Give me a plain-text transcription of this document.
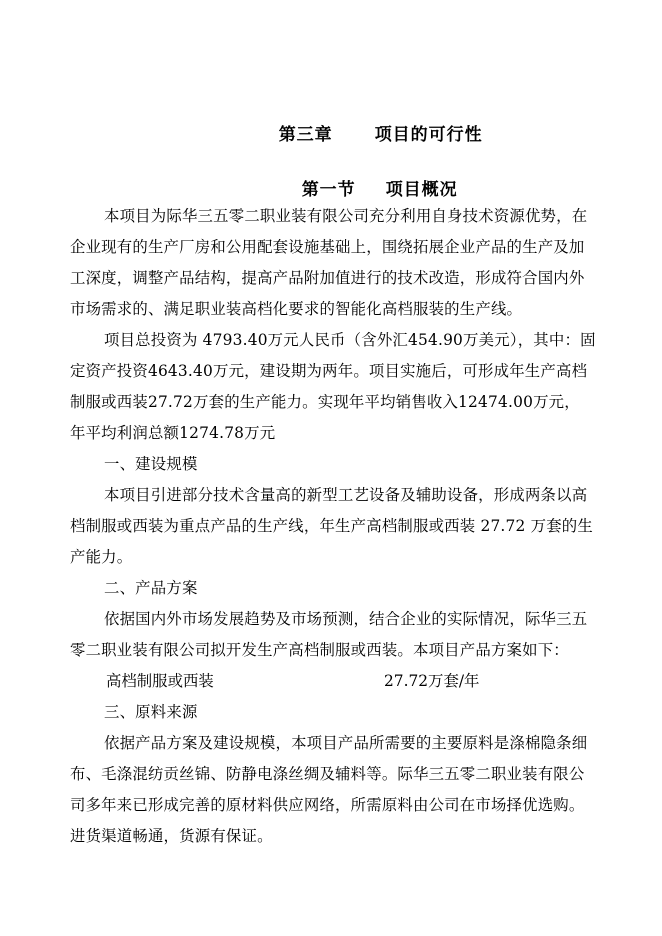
第三章 项目的可行性

第一节 项目概况

本项目为际华三五零二职业装有限公司充分利用自身技术资源优势，在
企业现有的生产厂房和公用配套设施基础上，围绕拓展企业产品的生产及加
工深度，调整产品结构，提高产品附加值进行的技术改造，形成符合国内外
市场需求的、满足职业装高档化要求的智能化高档服装的生产线。
项目总投资为 4793.40万元人民币（含外汇454.90万美元），其中：固
定资产投资4643.40万元，建设期为两年。项目实施后，可形成年生产高档
制服或西装27.72万套的生产能力。实现年平均销售收入12474.00万元，
年平均利润总额1274.78万元
一、建设规模
本项目引进部分技术含量高的新型工艺设备及辅助设备，形成两条以高
档制服或西装为重点产品的生产线，年生产高档制服或西装 27.72 万套的生
产能力。
二、产品方案
依据国内外市场发展趋势及市场预测，结合企业的实际情况，际华三五
零二职业装有限公司拟开发生产高档制服或西装。本项目产品方案如下：
高档制服或西装	27.72万套/年
三、原料来源
依据产品方案及建设规模，本项目产品所需要的主要原料是涤棉隐条细
布、毛涤混纺贡丝锦、防静电涤丝绸及辅料等。际华三五零二职业装有限公
司多年来已形成完善的原材料供应网络，所需原料由公司在市场择优选购。
进货渠道畅通，货源有保证。
